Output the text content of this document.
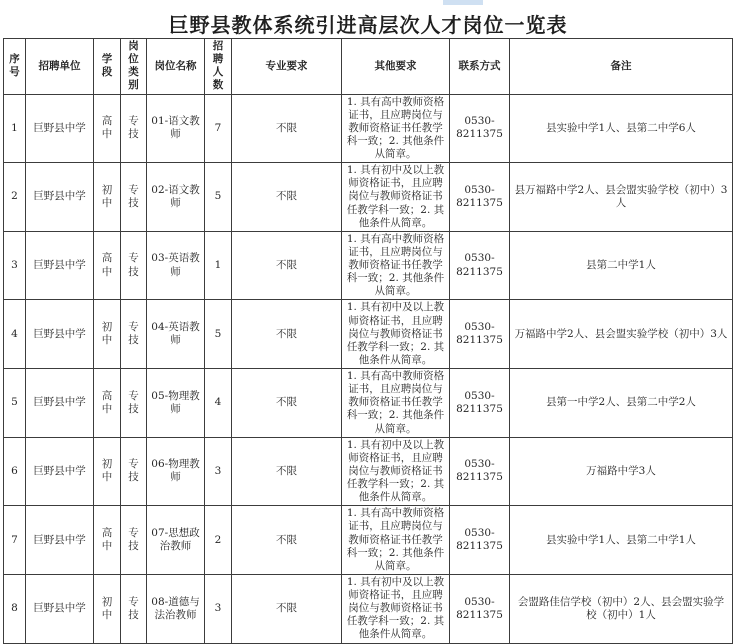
巨野县教体系统引进高层次人才岗位一览表
序号	招聘单位	学段	岗位类别	岗位名称	招聘人数	专业要求	其他要求	联系方式	备注
1	巨野县中学	高中	专技	01-语文教师	7	不限	1. 具有高中教师资格证书，且应聘岗位与教师资格证书任教学科一致；2. 其他条件从简章。	0530-8211375	县实验中学1人、县第二中学6人
2	巨野县中学	初中	专技	02-语文教师	5	不限	1. 具有初中及以上教师资格证书，且应聘岗位与教师资格证书任教学科一致；2. 其他条件从简章。	0530-8211375	县万福路中学2人、县会盟实验学校（初中）3人
3	巨野县中学	高中	专技	03-英语教师	1	不限	1. 具有高中教师资格证书，且应聘岗位与教师资格证书任教学科一致；2. 其他条件从简章。	0530-8211375	县第二中学1人
4	巨野县中学	初中	专技	04-英语教师	5	不限	1. 具有初中及以上教师资格证书，且应聘岗位与教师资格证书任教学科一致；2. 其他条件从简章。	0530-8211375	万福路中学2人、县会盟实验学校（初中）3人
5	巨野县中学	高中	专技	05-物理教师	4	不限	1. 具有高中教师资格证书，且应聘岗位与教师资格证书任教学科一致；2. 其他条件从简章。	0530-8211375	县第一中学2人、县第二中学2人
6	巨野县中学	初中	专技	06-物理教师	3	不限	1. 具有初中及以上教师资格证书，且应聘岗位与教师资格证书任教学科一致；2. 其他条件从简章。	0530-8211375	万福路中学3人
7	巨野县中学	高中	专技	07-思想政治教师	2	不限	1. 具有高中教师资格证书，且应聘岗位与教师资格证书任教学科一致；2. 其他条件从简章。	0530-8211375	县实验中学1人、县第二中学1人
8	巨野县中学	初中	专技	08-道德与法治教师	3	不限	1. 具有初中及以上教师资格证书，且应聘岗位与教师资格证书任教学科一致；2. 其他条件从简章。	0530-8211375	会盟路佳信学校（初中）2人、县会盟实验学校（初中）1人
